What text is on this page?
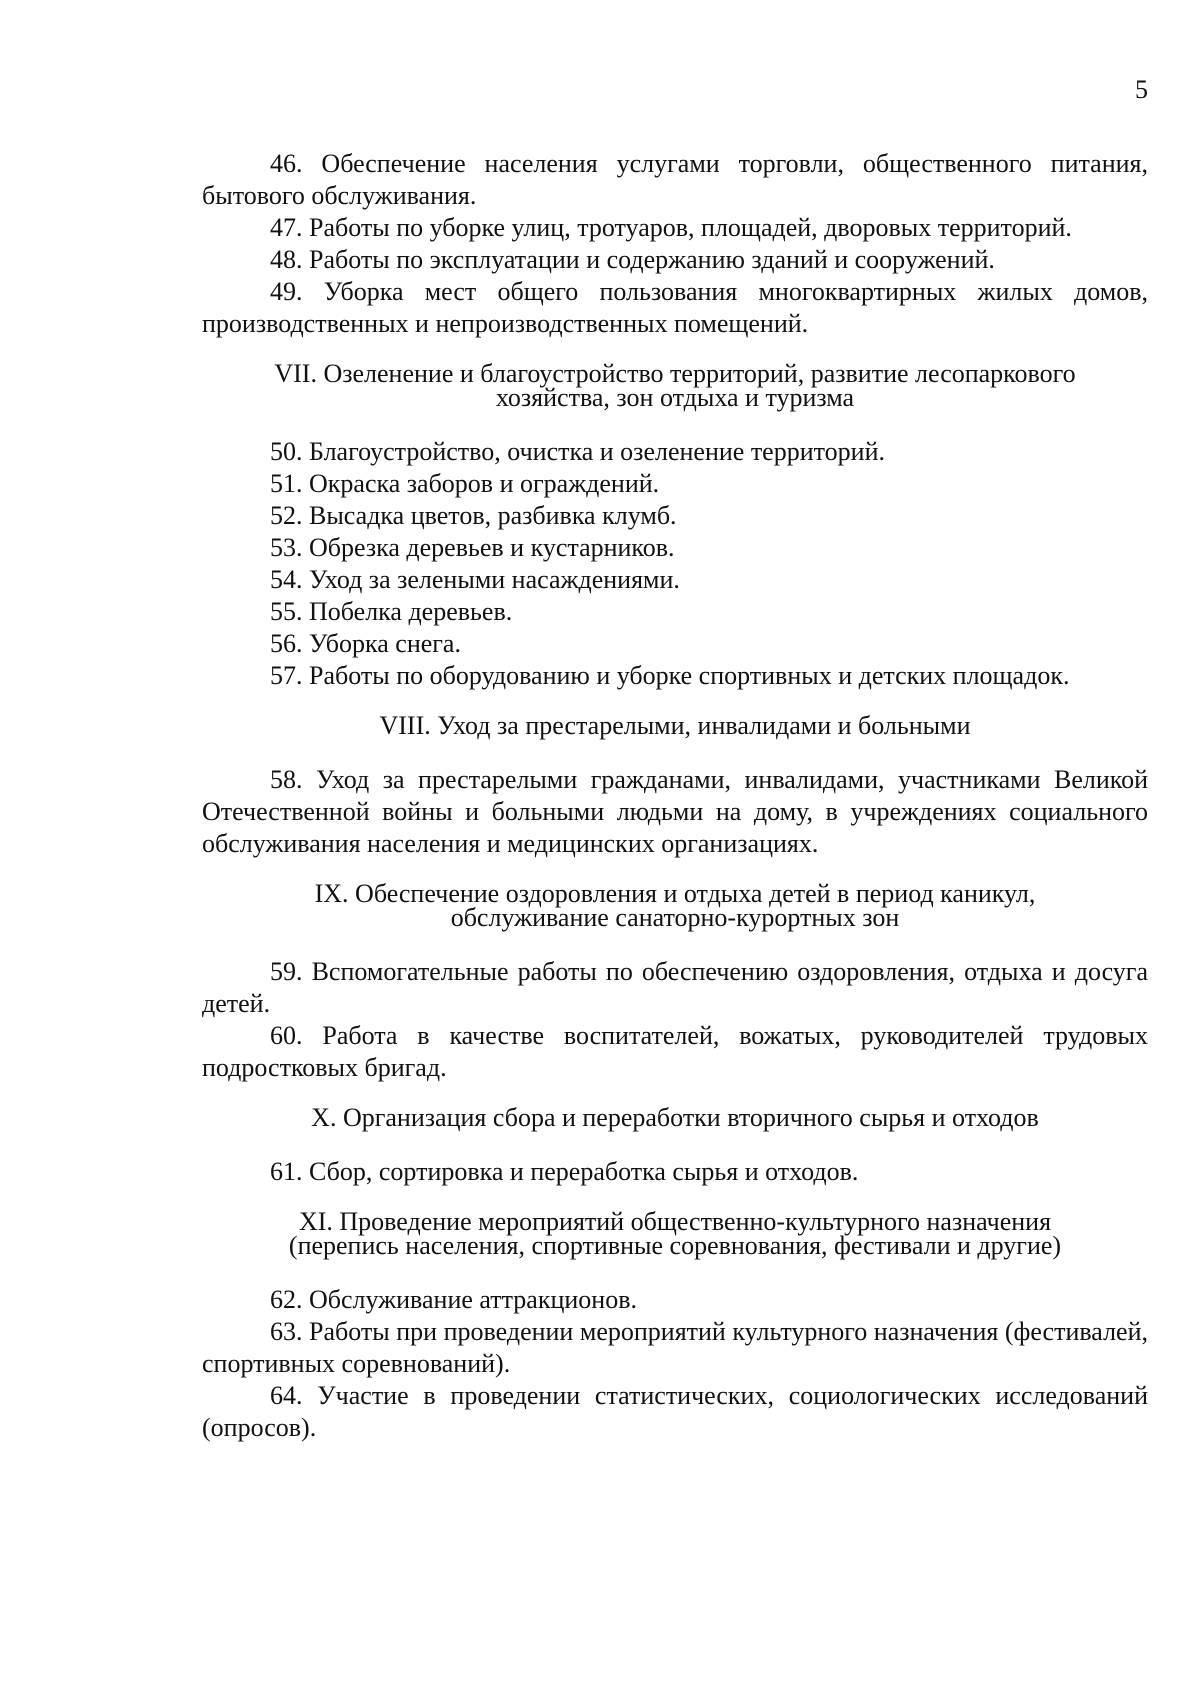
5

46. Обеспечение населения услугами торговли, общественного питания, бытового обслуживания.

47. Работы по уборке улиц, тротуаров, площадей, дворовых территорий.

48. Работы по эксплуатации и содержанию зданий и сооружений.

49. Уборка мест общего пользования многоквартирных жилых домов, производственных и непроизводственных помещений.

VII. Озеленение и благоустройство территорий, развитие лесопаркового
хозяйства, зон отдыха и туризма

50. Благоустройство, очистка и озеленение территорий.

51. Окраска заборов и ограждений.

52. Высадка цветов, разбивка клумб.

53. Обрезка деревьев и кустарников.

54. Уход за зелеными насаждениями.

55. Побелка деревьев.

56. Уборка снега.

57. Работы по оборудованию и уборке спортивных и детских площадок.

VIII. Уход за престарелыми, инвалидами и больными

58. Уход за престарелыми гражданами, инвалидами, участниками Великой Отечественной войны и больными людьми на дому, в учреждениях социального обслуживания населения и медицинских организациях.

IX. Обеспечение оздоровления и отдыха детей в период каникул,
обслуживание санаторно-курортных зон

59. Вспомогательные работы по обеспечению оздоровления, отдыха и досуга детей.

60. Работа в качестве воспитателей, вожатых, руководителей трудовых подростковых бригад.

X. Организация сбора и переработки вторичного сырья и отходов

61. Сбор, сортировка и переработка сырья и отходов.

XI. Проведение мероприятий общественно-культурного назначения
(перепись населения, спортивные соревнования, фестивали и другие)

62. Обслуживание аттракционов.

63. Работы при проведении мероприятий культурного назначения (фестивалей, спортивных соревнований).

64. Участие в проведении статистических, социологических исследований (опросов).
